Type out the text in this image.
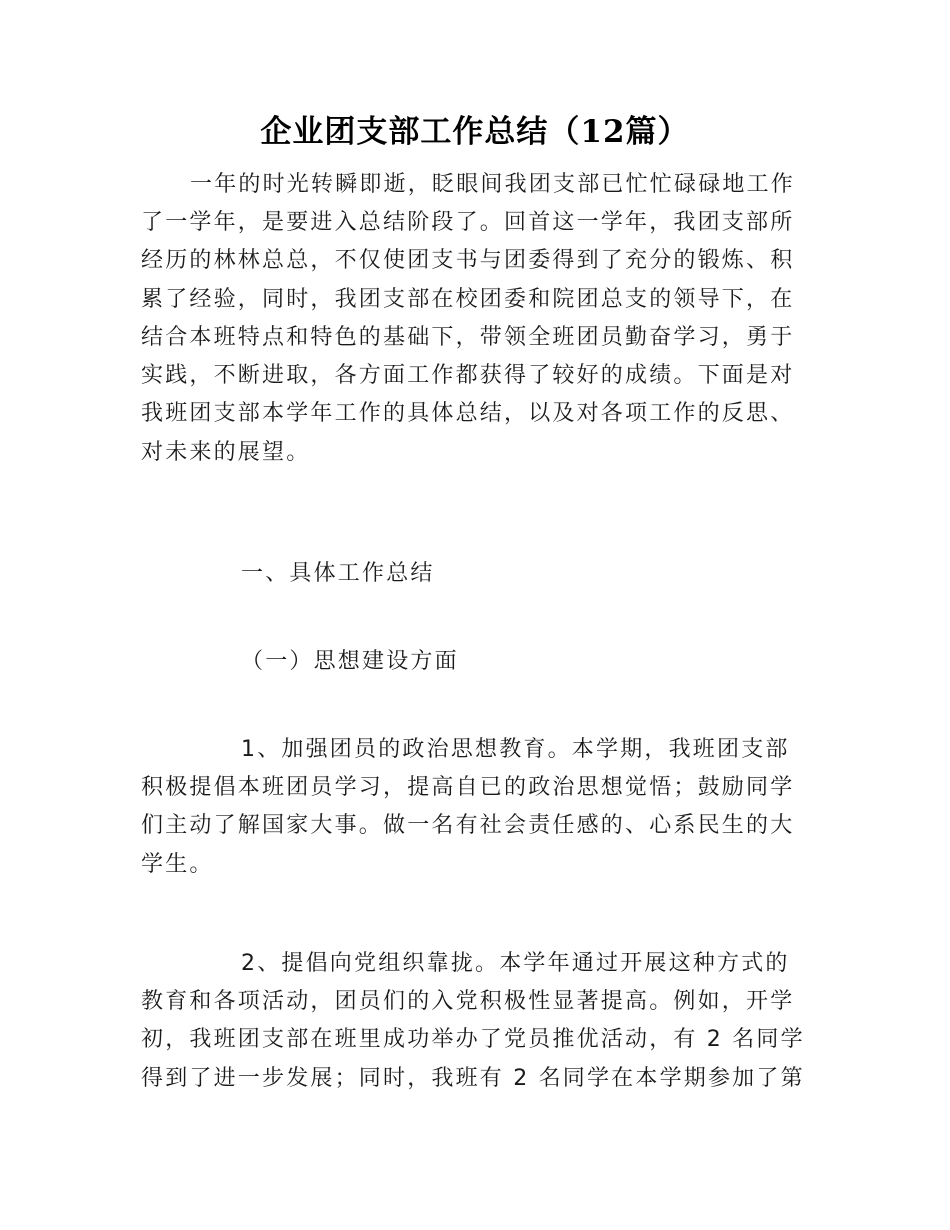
企业团支部工作总结（12篇）
一年的时光转瞬即逝，眨眼间我团支部已忙忙碌碌地工作
了一学年，是要进入总结阶段了。回首这一学年，我团支部所
经历的林林总总，不仅使团支书与团委得到了充分的锻炼、积
累了经验，同时，我团支部在校团委和院团总支的领导下，在
结合本班特点和特色的基础下，带领全班团员勤奋学习，勇于
实践，不断进取，各方面工作都获得了较好的成绩。下面是对
我班团支部本学年工作的具体总结，以及对各项工作的反思、
对未来的展望。
一、具体工作总结
（一）思想建设方面
1、加强团员的政治思想教育。本学期，我班团支部
积极提倡本班团员学习，提高自已的政治思想觉悟；鼓励同学
们主动了解国家大事。做一名有社会责任感的、心系民生的大
学生。
2、提倡向党组织靠拢。本学年通过开展这种方式的
教育和各项活动，团员们的入党积极性显著提高。例如，开学
初，我班团支部在班里成功举办了党员推优活动，有 2 名同学
得到了进一步发展；同时，我班有 2 名同学在本学期参加了第
